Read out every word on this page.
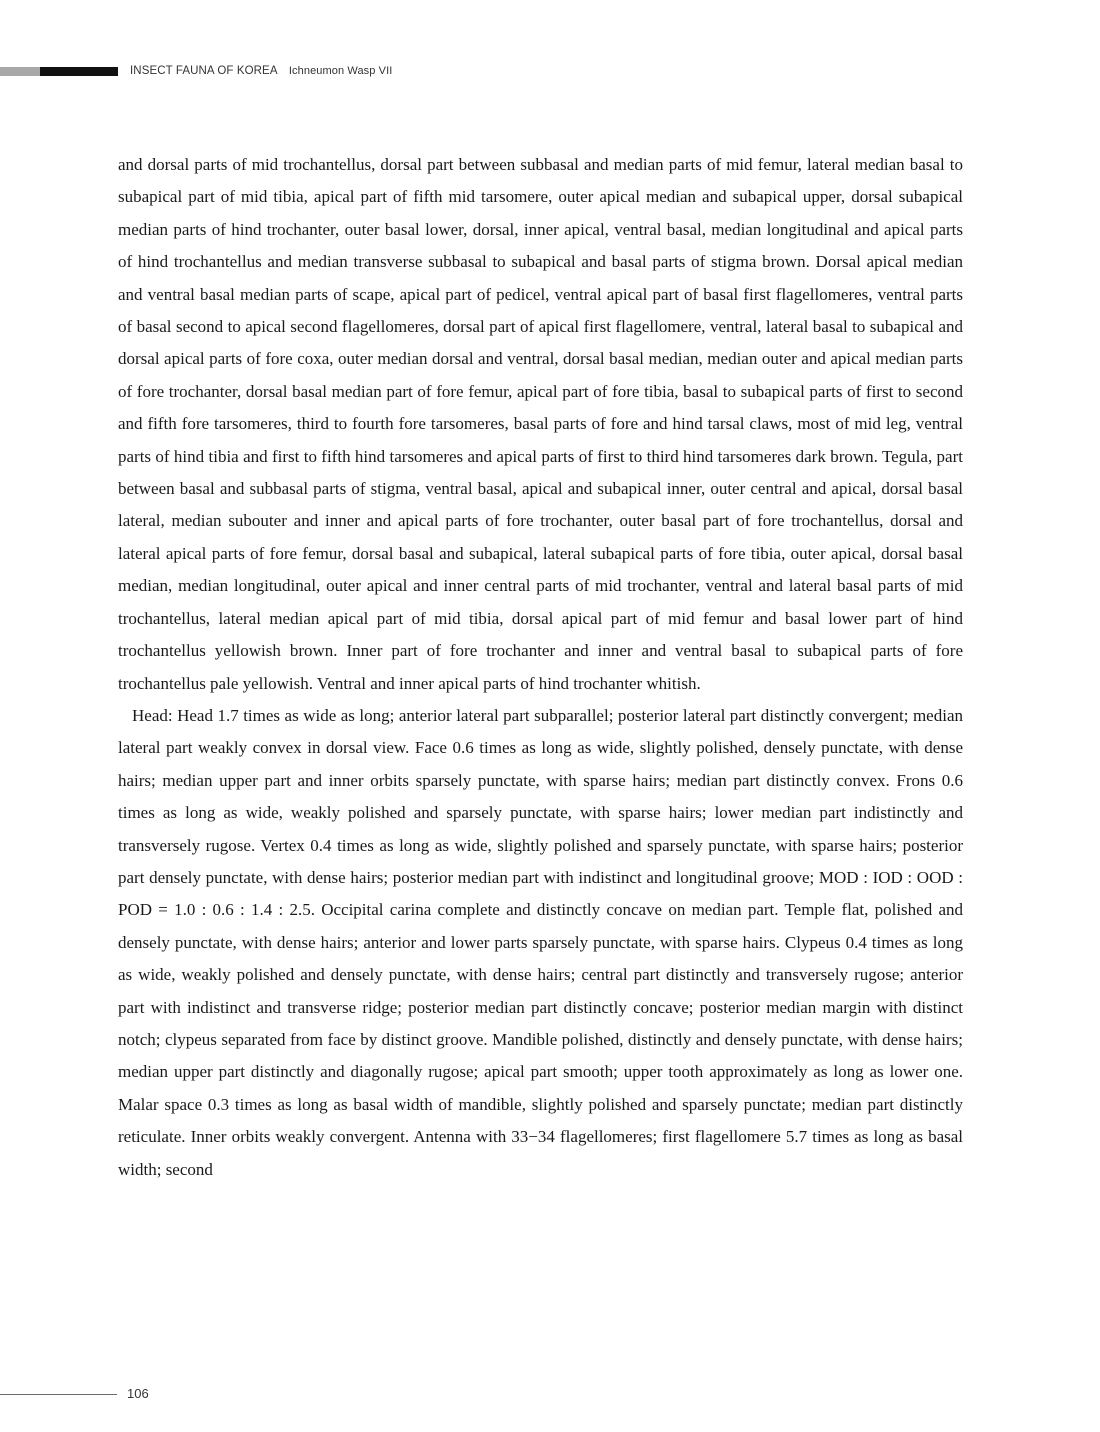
INSECT FAUNA OF KOREA Ichneumon Wasp VII

and dorsal parts of mid trochantellus, dorsal part between subbasal and median parts of mid femur, lateral median basal to subapical part of mid tibia, apical part of fifth mid tarsomere, outer apical median and subapical upper, dorsal subapical median parts of hind trochanter, outer basal lower, dorsal, inner apical, ventral basal, median longitudinal and apical parts of hind trochantellus and median transverse subbasal to subapical and basal parts of stigma brown. Dorsal apical median and ventral basal median parts of scape, apical part of pedicel, ventral apical part of basal first flagellomeres, ventral parts of basal second to apical second flagellomeres, dorsal part of apical first flagellomere, ventral, lateral basal to subapical and dorsal apical parts of fore coxa, outer median dorsal and ventral, dorsal basal median, median outer and apical median parts of fore trochanter, dorsal basal median part of fore femur, apical part of fore tibia, basal to subapical parts of first to second and fifth fore tarsomeres, third to fourth fore tarsomeres, basal parts of fore and hind tarsal claws, most of mid leg, ventral parts of hind tibia and first to fifth hind tarsomeres and apical parts of first to third hind tarsomeres dark brown. Tegula, part between basal and subbasal parts of stigma, ventral basal, apical and subapical inner, outer central and apical, dorsal basal lateral, median subouter and inner and apical parts of fore trochanter, outer basal part of fore trochantellus, dorsal and lateral apical parts of fore femur, dorsal basal and subapical, lateral subapical parts of fore tibia, outer apical, dorsal basal median, median longitudinal, outer apical and inner central parts of mid trochanter, ventral and lateral basal parts of mid trochantellus, lateral median apical part of mid tibia, dorsal apical part of mid femur and basal lower part of hind trochantellus yellowish brown. Inner part of fore trochanter and inner and ventral basal to subapical parts of fore trochantellus pale yellowish. Ventral and inner apical parts of hind trochanter whitish.

Head: Head 1.7 times as wide as long; anterior lateral part subparallel; posterior lateral part distinctly convergent; median lateral part weakly convex in dorsal view. Face 0.6 times as long as wide, slightly polished, densely punctate, with dense hairs; median upper part and inner orbits sparsely punctate, with sparse hairs; median part distinctly convex. Frons 0.6 times as long as wide, weakly polished and sparsely punctate, with sparse hairs; lower median part indistinctly and transversely rugose. Vertex 0.4 times as long as wide, slightly polished and sparsely punctate, with sparse hairs; posterior part densely punctate, with dense hairs; posterior median part with indistinct and longitudinal groove; MOD : IOD : OOD : POD = 1.0 : 0.6 : 1.4 : 2.5. Occipital carina complete and distinctly concave on median part. Temple flat, polished and densely punctate, with dense hairs; anterior and lower parts sparsely punctate, with sparse hairs. Clypeus 0.4 times as long as wide, weakly polished and densely punctate, with dense hairs; central part distinctly and transversely rugose; anterior part with indistinct and transverse ridge; posterior median part distinctly concave; posterior median margin with distinct notch; clypeus separated from face by distinct groove. Mandible polished, distinctly and densely punctate, with dense hairs; median upper part distinctly and diagonally rugose; apical part smooth; upper tooth approximately as long as lower one. Malar space 0.3 times as long as basal width of mandible, slightly polished and sparsely punctate; median part distinctly reticulate. Inner orbits weakly convergent. Antenna with 33−34 flagellomeres; first flagellomere 5.7 times as long as basal width; second

106
